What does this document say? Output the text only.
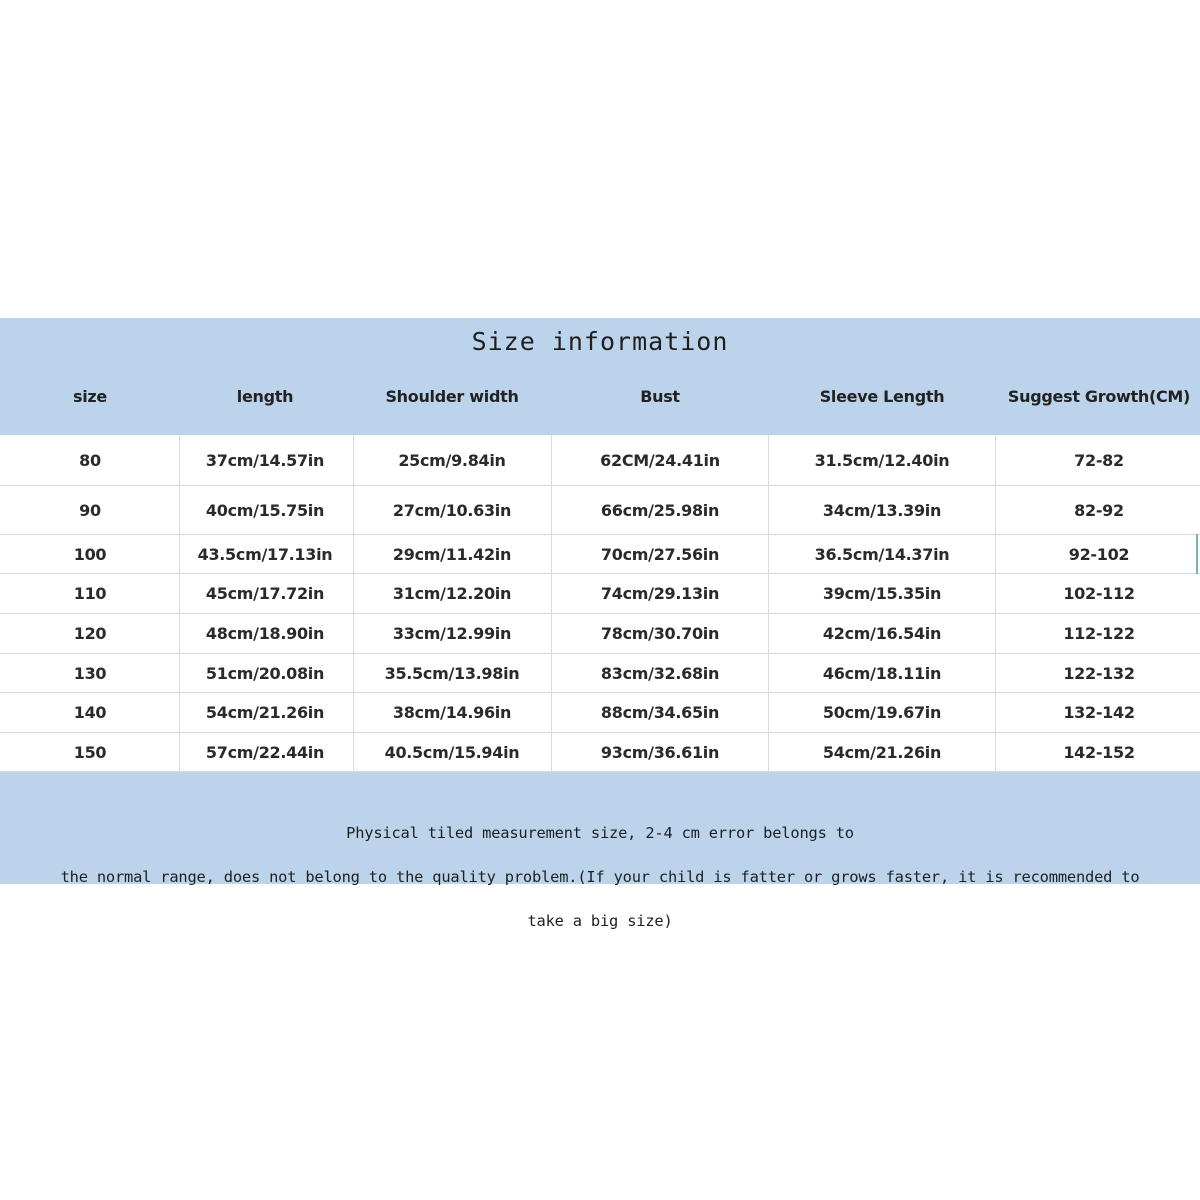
Size information
size	length	Shoulder width	Bust	Sleeve Length	Suggest Growth(CM)
80	37cm/14.57in	25cm/9.84in	62CM/24.41in	31.5cm/12.40in	72-82
90	40cm/15.75in	27cm/10.63in	66cm/25.98in	34cm/13.39in	82-92
100	43.5cm/17.13in	29cm/11.42in	70cm/27.56in	36.5cm/14.37in	92-102
110	45cm/17.72in	31cm/12.20in	74cm/29.13in	39cm/15.35in	102-112
120	48cm/18.90in	33cm/12.99in	78cm/30.70in	42cm/16.54in	112-122
130	51cm/20.08in	35.5cm/13.98in	83cm/32.68in	46cm/18.11in	122-132
140	54cm/21.26in	38cm/14.96in	88cm/34.65in	50cm/19.67in	132-142
150	57cm/22.44in	40.5cm/15.94in	93cm/36.61in	54cm/21.26in	142-152

Physical tiled measurement size, 2-4 cm error belongs to

the normal range, does not belong to the quality problem.(If your child is fatter or grows faster, it is recommended to

take a big size)
